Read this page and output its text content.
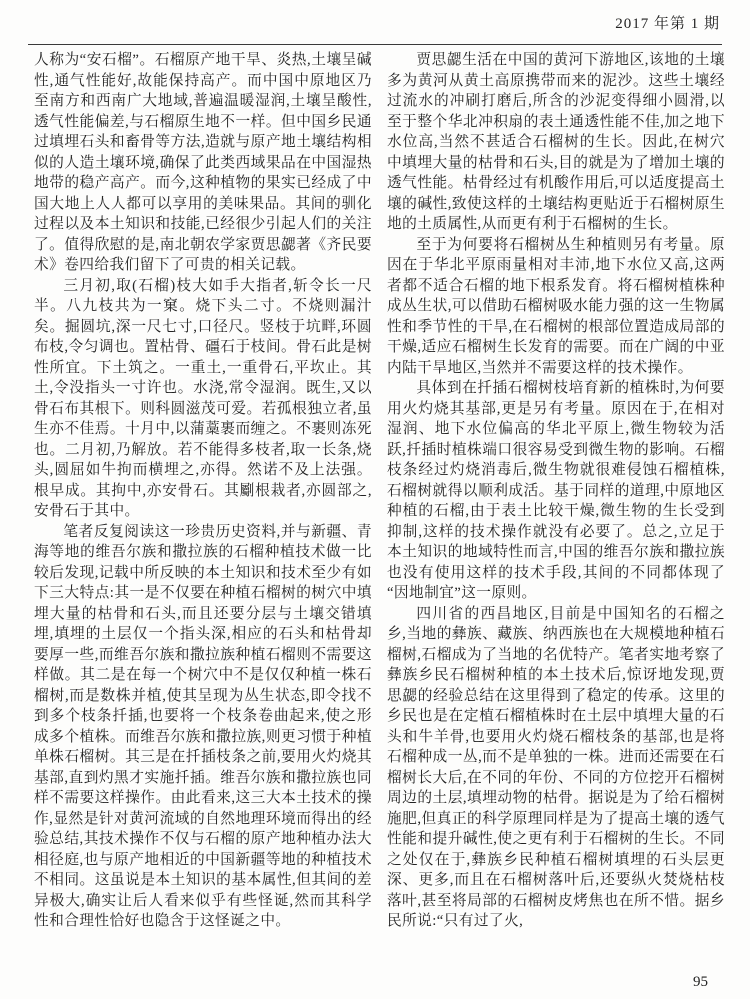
2017 年第 1 期

人称为“安石榴”。石榴原产地干旱、炎热,土壤呈碱性,通气性能好,故能保持高产。而中国中原地区乃至南方和西南广大地域,普遍温暖湿润,土壤呈酸性,透气性能偏差,与石榴原生地不一样。但中国乡民通过填埋石头和畜骨等方法,造就与原产地土壤结构相似的人造土壤环境,确保了此类西域果品在中国湿热地带的稳产高产。而今,这种植物的果实已经成了中国大地上人人都可以享用的美味果品。其间的驯化过程以及本土知识和技能,已经很少引起人们的关注了。值得欣慰的是,南北朝农学家贾思勰著《齐民要术》卷四给我们留下了可贵的相关记载。

三月初,取(石榴)枝大如手大指者,斩令长一尺半。八九枝共为一窠。烧下头二寸。不烧则漏汁矣。掘圆坑,深一尺七寸,口径尺。竖枝于坑畔,环圆布枝,令匀调也。置枯骨、礓石于枝间。骨石此是树性所宜。下土筑之。一重土,一重骨石,平坎止。其土,令没指头一寸许也。水浇,常令湿润。既生,又以骨石布其根下。则科圆滋茂可爱。若孤根独立者,虽生亦不佳焉。十月中,以蒲藁裹而缠之。不裹则冻死也。二月初,乃解放。若不能得多枝者,取一长条,烧头,圆屈如牛拘而横埋之,亦得。然诺不及上法强。根早成。其拘中,亦安骨石。其劚根栽者,亦圆部之,安骨石于其中。

笔者反复阅读这一珍贵历史资料,并与新疆、青海等地的维吾尔族和撒拉族的石榴种植技术做一比较后发现,记载中所反映的本土知识和技术至少有如下三大特点:其一是不仅要在种植石榴树的树穴中填埋大量的枯骨和石头,而且还要分层与土壤交错填埋,填埋的土层仅一个指头深,相应的石头和枯骨却要厚一些,而维吾尔族和撒拉族种植石榴则不需要这样做。其二是在每一个树穴中不是仅仅种植一株石榴树,而是数株并植,使其呈现为丛生状态,即令找不到多个枝条扦插,也要将一个枝条卷曲起来,使之形成多个植株。而维吾尔族和撒拉族,则更习惯于种植单株石榴树。其三是在扦插枝条之前,要用火灼烧其基部,直到灼黑才实施扦插。维吾尔族和撒拉族也同样不需要这样操作。由此看来,这三大本土技术的操作,显然是针对黄河流域的自然地理环境而得出的经验总结,其技术操作不仅与石榴的原产地种植办法大相径庭,也与原产地相近的中国新疆等地的种植技术不相同。这虽说是本土知识的基本属性,但其间的差异极大,确实让后人看来似乎有些怪诞,然而其科学性和合理性恰好也隐含于这怪诞之中。

贾思勰生活在中国的黄河下游地区,该地的土壤多为黄河从黄土高原携带而来的泥沙。这些土壤经过流水的冲刷打磨后,所含的沙泥变得细小圆滑,以至于整个华北冲积扇的表土通透性能不佳,加之地下水位高,当然不甚适合石榴树的生长。因此,在树穴中填埋大量的枯骨和石头,目的就是为了增加土壤的透气性能。枯骨经过有机酸作用后,可以适度提高土壤的碱性,致使这样的土壤结构更贴近于石榴树原生地的土质属性,从而更有利于石榴树的生长。

至于为何要将石榴树丛生种植则另有考量。原因在于华北平原雨量相对丰沛,地下水位又高,这两者都不适合石榴的地下根系发育。将石榴树植株种成丛生状,可以借助石榴树吸水能力强的这一生物属性和季节性的干旱,在石榴树的根部位置造成局部的干燥,适应石榴树生长发育的需要。而在广阔的中亚内陆干旱地区,当然并不需要这样的技术操作。

具体到在扦插石榴树枝培育新的植株时,为何要用火灼烧其基部,更是另有考量。原因在于,在相对湿润、地下水位偏高的华北平原上,微生物较为活跃,扦插时植株端口很容易受到微生物的影响。石榴枝条经过灼烧消毒后,微生物就很难侵蚀石榴植株,石榴树就得以顺利成活。基于同样的道理,中原地区种植的石榴,由于表土比较干燥,微生物的生长受到抑制,这样的技术操作就没有必要了。总之,立足于本土知识的地域特性而言,中国的维吾尔族和撒拉族也没有使用这样的技术手段,其间的不同都体现了“因地制宜”这一原则。

四川省的西昌地区,目前是中国知名的石榴之乡,当地的彝族、藏族、纳西族也在大规模地种植石榴树,石榴成为了当地的名优特产。笔者实地考察了彝族乡民石榴树种植的本土技术后,惊讶地发现,贾思勰的经验总结在这里得到了稳定的传承。这里的乡民也是在定植石榴植株时在土层中填埋大量的石头和牛羊骨,也要用火灼烧石榴枝条的基部,也是将石榴种成一丛,而不是单独的一株。进而还需要在石榴树长大后,在不同的年份、不同的方位挖开石榴树周边的土层,填埋动物的枯骨。据说是为了给石榴树施肥,但真正的科学原理同样是为了提高土壤的透气性能和提升碱性,使之更有利于石榴树的生长。不同之处仅在于,彝族乡民种植石榴树填埋的石头层更深、更多,而且在石榴树落叶后,还要纵火焚烧枯枝落叶,甚至将局部的石榴树皮烤焦也在所不惜。据乡民所说:“只有过了火,

95
